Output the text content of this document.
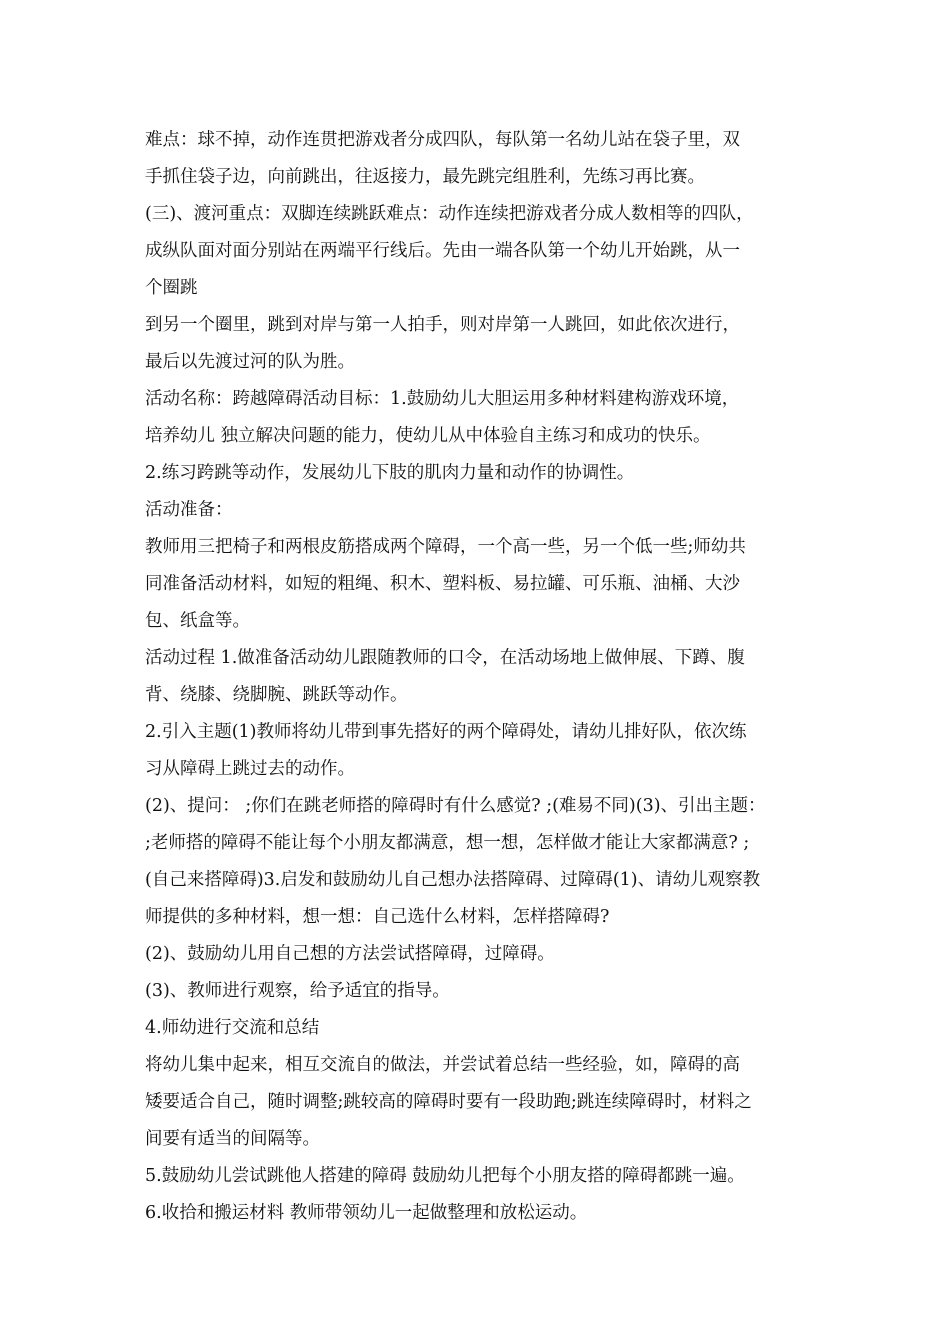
难点：球不掉，动作连贯把游戏者分成四队，每队第一名幼儿站在袋子里，双
手抓住袋子边，向前跳出，往返接力，最先跳完组胜利，先练习再比赛。

(三)、渡河重点：双脚连续跳跃难点：动作连续把游戏者分成人数相等的四队，
成纵队面对面分别站在两端平行线后。先由一端各队第一个幼儿开始跳，从一
个圈跳

到另一个圈里，跳到对岸与第一人拍手，则对岸第一人跳回，如此依次进行，
最后以先渡过河的队为胜。

活动名称：跨越障碍活动目标：1.鼓励幼儿大胆运用多种材料建构游戏环境，
培养幼儿 独立解决问题的能力，使幼儿从中体验自主练习和成功的快乐。

2.练习跨跳等动作，发展幼儿下肢的肌肉力量和动作的协调性。

活动准备：

教师用三把椅子和两根皮筋搭成两个障碍，一个高一些，另一个低一些;师幼共
同准备活动材料，如短的粗绳、积木、塑料板、易拉罐、可乐瓶、油桶、大沙
包、纸盒等。

活动过程 1.做准备活动幼儿跟随教师的口令，在活动场地上做伸展、下蹲、腹
背、绕膝、绕脚腕、跳跃等动作。

2.引入主题(1)教师将幼儿带到事先搭好的两个障碍处，请幼儿排好队，依次练
习从障碍上跳过去的动作。

(2)、提问： ;你们在跳老师搭的障碍时有什么感觉? ;(难易不同)(3)、引出主题：
;老师搭的障碍不能让每个小朋友都满意，想一想，怎样做才能让大家都满意? ;
(自己来搭障碍)3.启发和鼓励幼儿自己想办法搭障碍、过障碍(1)、请幼儿观察教
师提供的多种材料，想一想：自己选什么材料，怎样搭障碍?

(2)、鼓励幼儿用自己想的方法尝试搭障碍，过障碍。

(3)、教师进行观察，给予适宜的指导。

4.师幼进行交流和总结

将幼儿集中起来，相互交流自的做法，并尝试着总结一些经验，如，障碍的高
矮要适合自己，随时调整;跳较高的障碍时要有一段助跑;跳连续障碍时，材料之
间要有适当的间隔等。

5.鼓励幼儿尝试跳他人搭建的障碍 鼓励幼儿把每个小朋友搭的障碍都跳一遍。

6.收拾和搬运材料 教师带领幼儿一起做整理和放松运动。
